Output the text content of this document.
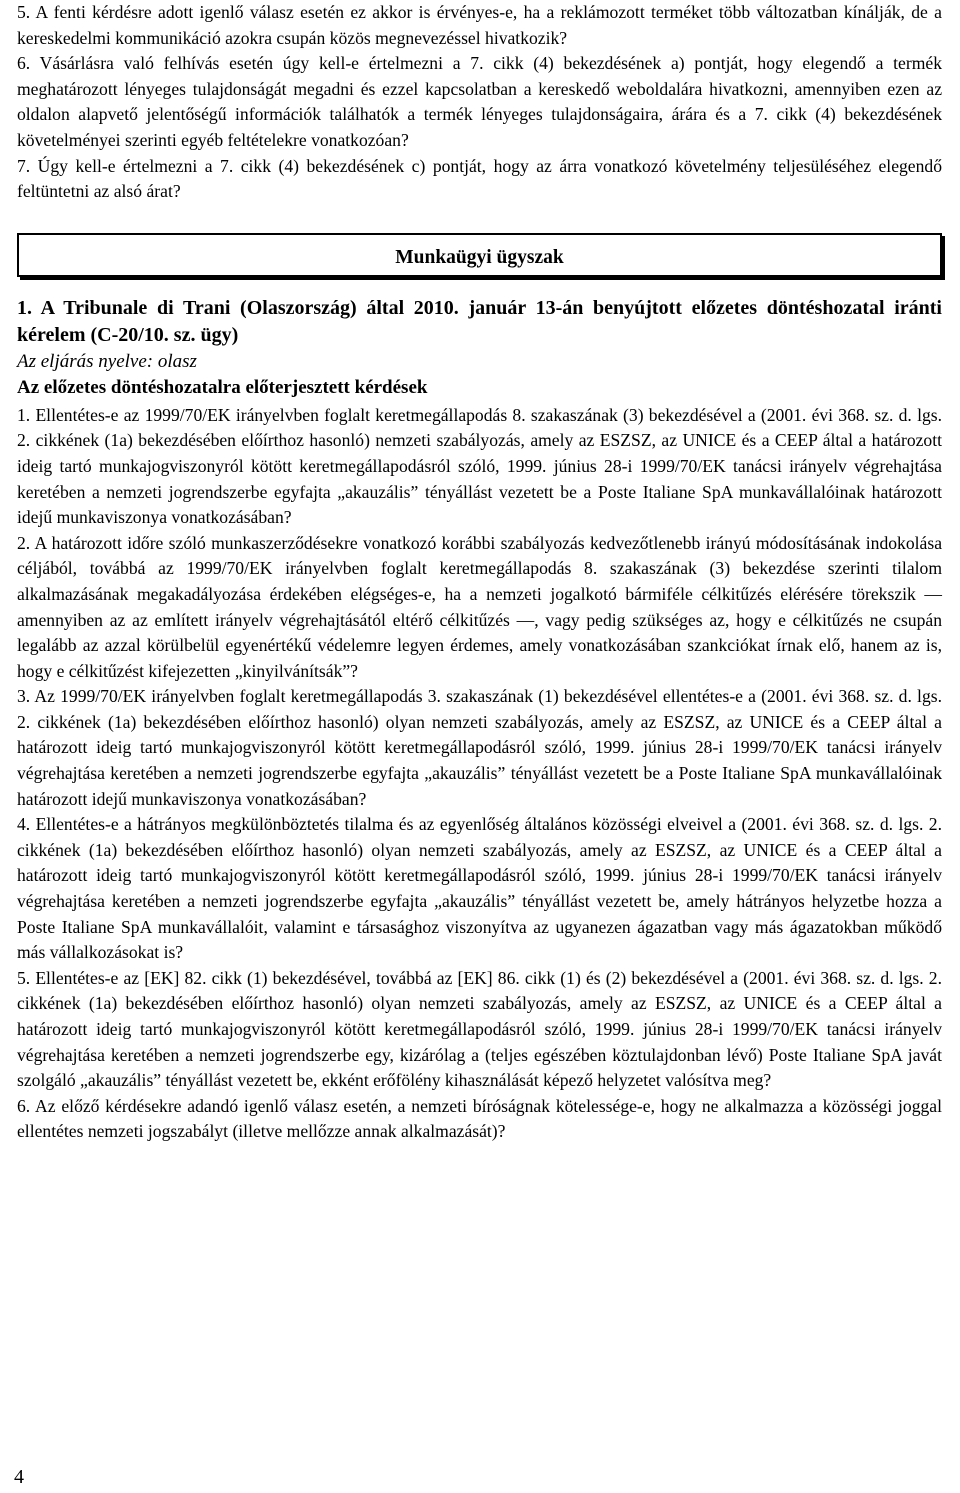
5. A fenti kérdésre adott igenlő válasz esetén ez akkor is érvényes-e, ha a reklámozott terméket több változatban kínálják, de a kereskedelmi kommunikáció azokra csupán közös megnevezéssel hivatkozik?

6. Vásárlásra való felhívás esetén úgy kell-e értelmezni a 7. cikk (4) bekezdésének a) pontját, hogy elegendő a termék meghatározott lényeges tulajdonságát megadni és ezzel kapcsolatban a kereskedő weboldalára hivatkozni, amennyiben ezen az oldalon alapvető jelentőségű információk találhatók a termék lényeges tulajdonságaira, árára és a 7. cikk (4) bekezdésének követelményei szerinti egyéb feltételekre vonatkozóan?

7. Úgy kell-e értelmezni a 7. cikk (4) bekezdésének c) pontját, hogy az árra vonatkozó követelmény teljesüléséhez elegendő feltüntetni az alsó árat?

Munkaügyi ügyszak

1. A Tribunale di Trani (Olaszország) által 2010. január 13-án benyújtott előzetes döntéshozatal iránti kérelem (C-20/10. sz. ügy)

Az eljárás nyelve: olasz

Az előzetes döntéshozatalra előterjesztett kérdések

1. Ellentétes-e az 1999/70/EK irányelvben foglalt keretmegállapodás 8. szakaszának (3) bekezdésével a (2001. évi 368. sz. d. lgs. 2. cikkének (1a) bekezdésében előírthoz hasonló) nemzeti szabályozás, amely az ESZSZ, az UNICE és a CEEP által a határozott ideig tartó munkajogviszonyról kötött keretmegállapodásról szóló, 1999. június 28-i 1999/70/EK tanácsi irányelv végrehajtása keretében a nemzeti jogrendszerbe egyfajta „akauzális” tényállást vezetett be a Poste Italiane SpA munkavállalóinak határozott idejű munkaviszonya vonatkozásában?

2. A határozott időre szóló munkaszerződésekre vonatkozó korábbi szabályozás kedvezőtlenebb irányú módosításának indokolása céljából, továbbá az 1999/70/EK irányelvben foglalt keretmegállapodás 8. szakaszának (3) bekezdése szerinti tilalom alkalmazásának megakadályozása érdekében elégséges-e, ha a nemzeti jogalkotó bármiféle célkitűzés elérésére törekszik — amennyiben az az említett irányelv végrehajtásától eltérő célkitűzés —, vagy pedig szükséges az, hogy e célkitűzés ne csupán legalább az azzal körülbelül egyenértékű védelemre legyen érdemes, amely vonatkozásában szankciókat írnak elő, hanem az is, hogy e célkitűzést kifejezetten „kinyilvánítsák”?

3. Az 1999/70/EK irányelvben foglalt keretmegállapodás 3. szakaszának (1) bekezdésével ellentétes-e a (2001. évi 368. sz. d. lgs. 2. cikkének (1a) bekezdésében előírthoz hasonló) olyan nemzeti szabályozás, amely az ESZSZ, az UNICE és a CEEP által a határozott ideig tartó munkajogviszonyról kötött keretmegállapodásról szóló, 1999. június 28-i 1999/70/EK tanácsi irányelv végrehajtása keretében a nemzeti jogrendszerbe egyfajta „akauzális” tényállást vezetett be a Poste Italiane SpA munkavállalóinak határozott idejű munkaviszonya vonatkozásában?

4. Ellentétes-e a hátrányos megkülönböztetés tilalma és az egyenlőség általános közösségi elveivel a (2001. évi 368. sz. d. lgs. 2. cikkének (1a) bekezdésében előírthoz hasonló) olyan nemzeti szabályozás, amely az ESZSZ, az UNICE és a CEEP által a határozott ideig tartó munkajogviszonyról kötött keretmegállapodásról szóló, 1999. június 28-i 1999/70/EK tanácsi irányelv végrehajtása keretében a nemzeti jogrendszerbe egyfajta „akauzális” tényállást vezetett be, amely hátrányos helyzetbe hozza a Poste Italiane SpA munkavállalóit, valamint e társasághoz viszonyítva az ugyanezen ágazatban vagy más ágazatokban működő más vállalkozásokat is?

5. Ellentétes-e az [EK] 82. cikk (1) bekezdésével, továbbá az [EK] 86. cikk (1) és (2) bekezdésével a (2001. évi 368. sz. d. lgs. 2. cikkének (1a) bekezdésében előírthoz hasonló) olyan nemzeti szabályozás, amely az ESZSZ, az UNICE és a CEEP által a határozott ideig tartó munkajogviszonyról kötött keretmegállapodásról szóló, 1999. június 28-i 1999/70/EK tanácsi irányelv végrehajtása keretében a nemzeti jogrendszerbe egy, kizárólag a (teljes egészében köztulajdonban lévő) Poste Italiane SpA javát szolgáló „akauzális” tényállást vezetett be, ekként erőfölény kihasználását képező helyzetet valósítva meg?

6. Az előző kérdésekre adandó igenlő válasz esetén, a nemzeti bíróságnak kötelessége-e, hogy ne alkalmazza a közösségi joggal ellentétes nemzeti jogszabályt (illetve mellőzze annak alkalmazását)?

4
